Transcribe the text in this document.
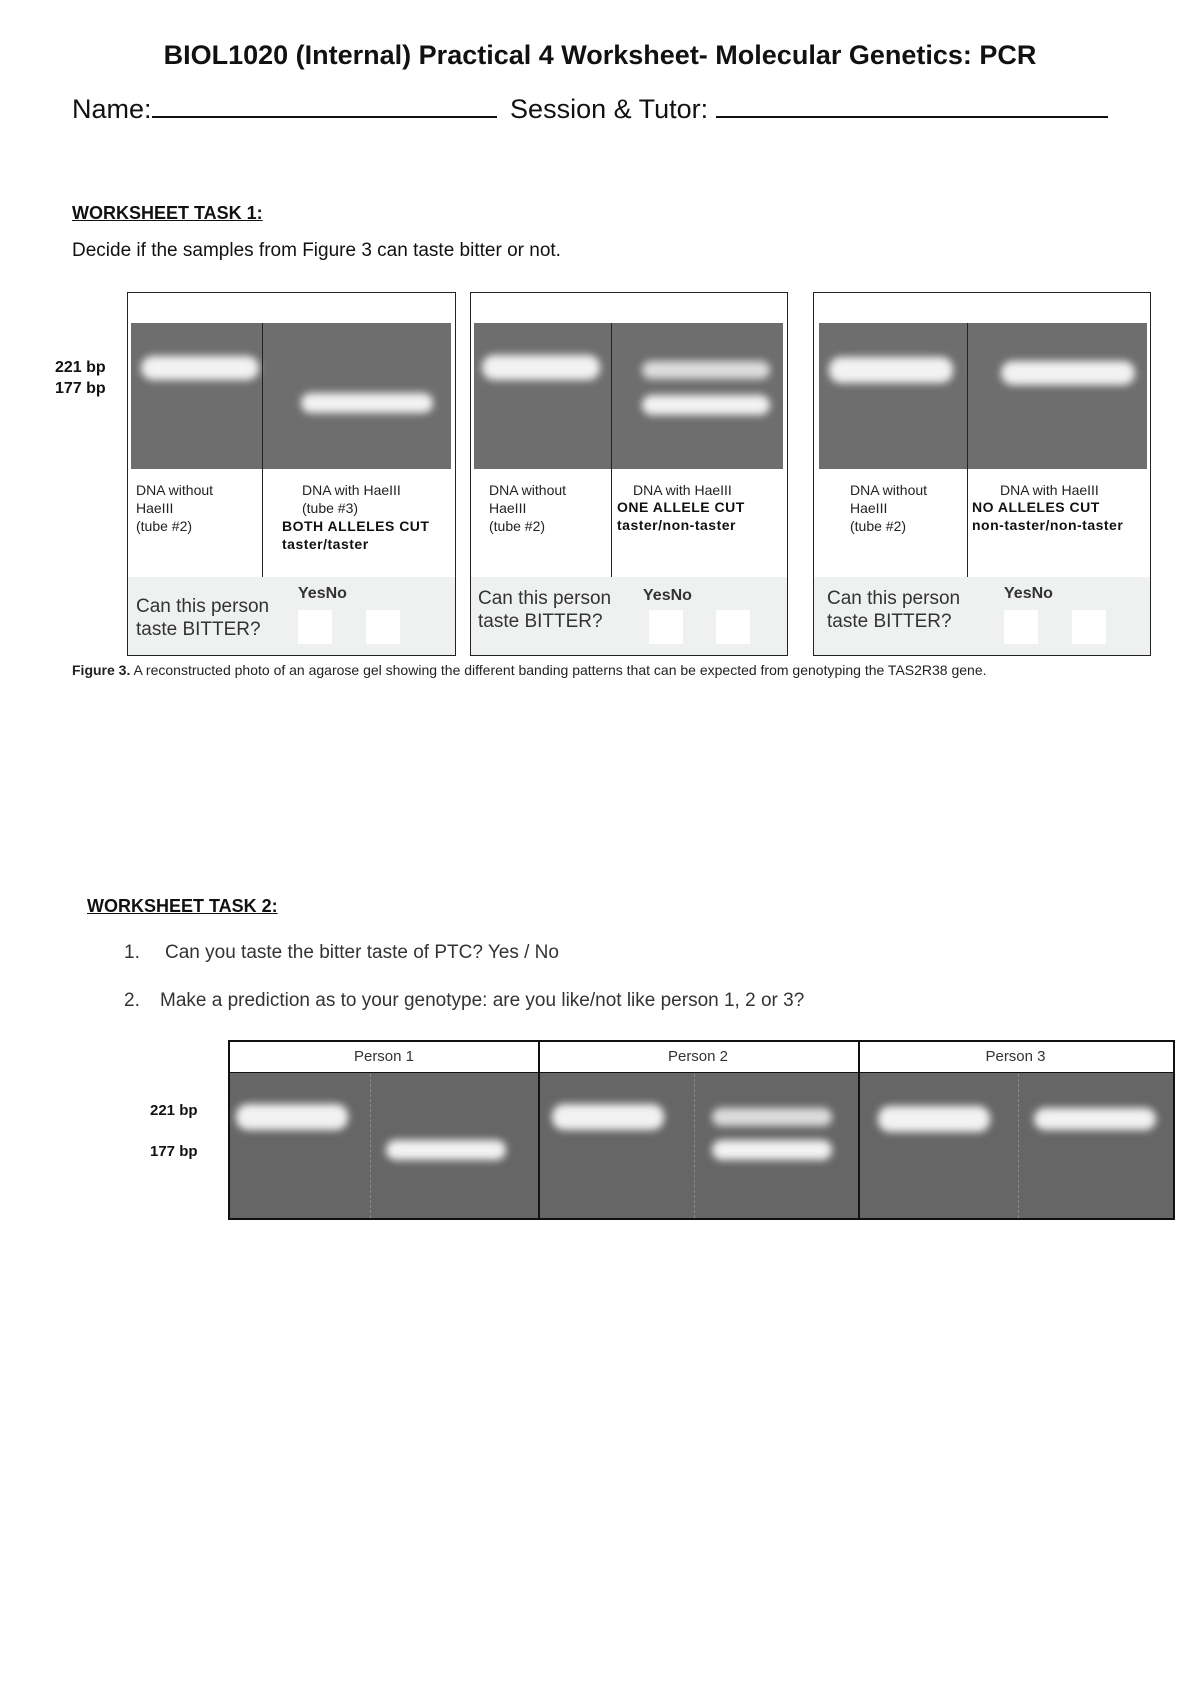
BIOL1020 (Internal) Practical 4 Worksheet- Molecular Genetics: PCR
Name:	Session & Tutor:
WORKSHEET TASK 1:
Decide if the samples from Figure 3 can taste bitter or not.
221 bp
177 bp
DNA without
HaeIII
(tube #2)
DNA with HaeIII
(tube #3)
BOTH ALLELES CUT
taster/taster
Can this person
taste BITTER?
YesNo
DNA without
HaeIII
(tube #2)
DNA with HaeIII
ONE ALLELE CUT
taster/non-taster
Can this person
taste BITTER?
YesNo
DNA without
HaeIII
(tube #2)
DNA with HaeIII
NO ALLELES CUT
non-taster/non-taster
Can this person
taste BITTER?
YesNo
Figure 3. A reconstructed photo of an agarose gel showing the different banding patterns that can be expected from genotyping the TAS2R38 gene.
WORKSHEET TASK 2:
1. Can you taste the bitter taste of PTC? Yes / No
2. Make a prediction as to your genotype: are you like/not like person 1, 2 or 3?
221 bp
177 bp
Person 1	Person 2	Person 3
